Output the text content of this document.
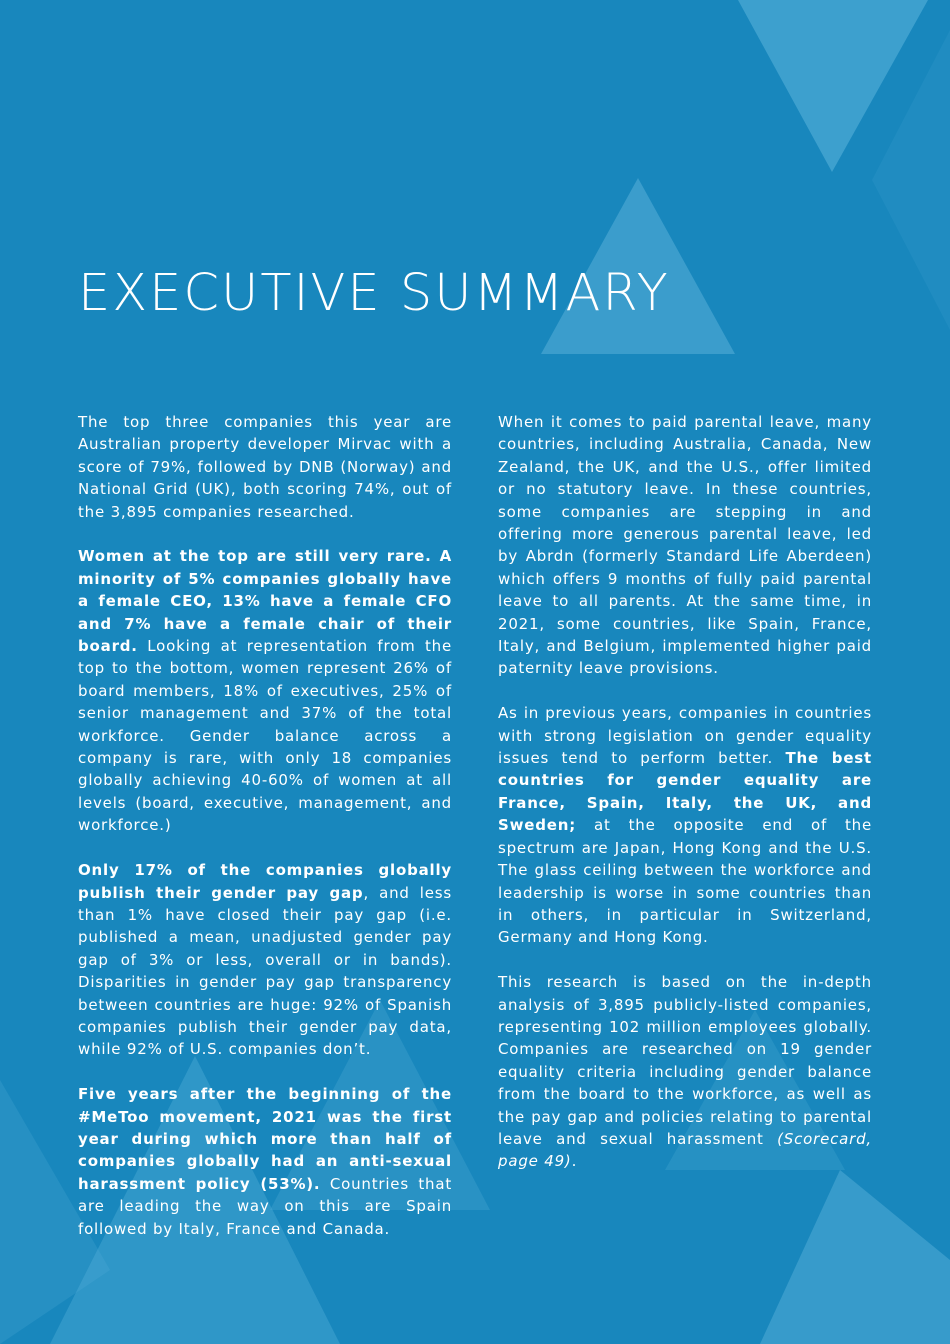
EXECUTIVE SUMMARY

The top three companies this year are Australian property developer Mirvac with a score of 79%, followed by DNB (Norway) and National Grid (UK), both scoring 74%, out of the 3,895 companies researched.

Women at the top are still very rare. A minority of 5% companies globally have a female CEO, 13% have a female CFO and 7% have a female chair of their board. Looking at representation from the top to the bottom, women represent 26% of board members, 18% of executives, 25% of senior management and 37% of the total workforce. Gender balance across a company is rare, with only 18 companies globally achieving 40-60% of women at all levels (board, executive, management, and workforce.)

Only 17% of the companies globally publish their gender pay gap, and less than 1% have closed their pay gap (i.e. published a mean, unadjusted gender pay gap of 3% or less, overall or in bands). Disparities in gender pay gap transparency between countries are huge: 92% of Spanish companies publish their gender pay data, while 92% of U.S. companies don’t.

Five years after the beginning of the #MeToo movement, 2021 was the first year during which more than half of companies globally had an anti-sexual harassment policy (53%). Countries that are leading the way on this are Spain followed by Italy, France and Canada.

When it comes to paid parental leave, many countries, including Australia, Canada, New Zealand, the UK, and the U.S., offer limited or no statutory leave. In these countries, some companies are stepping in and offering more generous parental leave, led by Abrdn (formerly Standard Life Aberdeen) which offers 9 months of fully paid parental leave to all parents. At the same time, in 2021, some countries, like Spain, France, Italy, and Belgium, implemented higher paid paternity leave provisions.

As in previous years, companies in countries with strong legislation on gender equality issues tend to perform better. The best countries for gender equality are France, Spain, Italy, the UK, and Sweden; at the opposite end of the spectrum are Japan, Hong Kong and the U.S. The glass ceiling between the workforce and leadership is worse in some countries than in others, in particular in Switzerland, Germany and Hong Kong.

This research is based on the in-depth analysis of 3,895 publicly-listed companies, representing 102 million employees globally. Companies are researched on 19 gender equality criteria including gender balance from the board to the workforce, as well as the pay gap and policies relating to parental leave and sexual harassment (Scorecard, page 49).
